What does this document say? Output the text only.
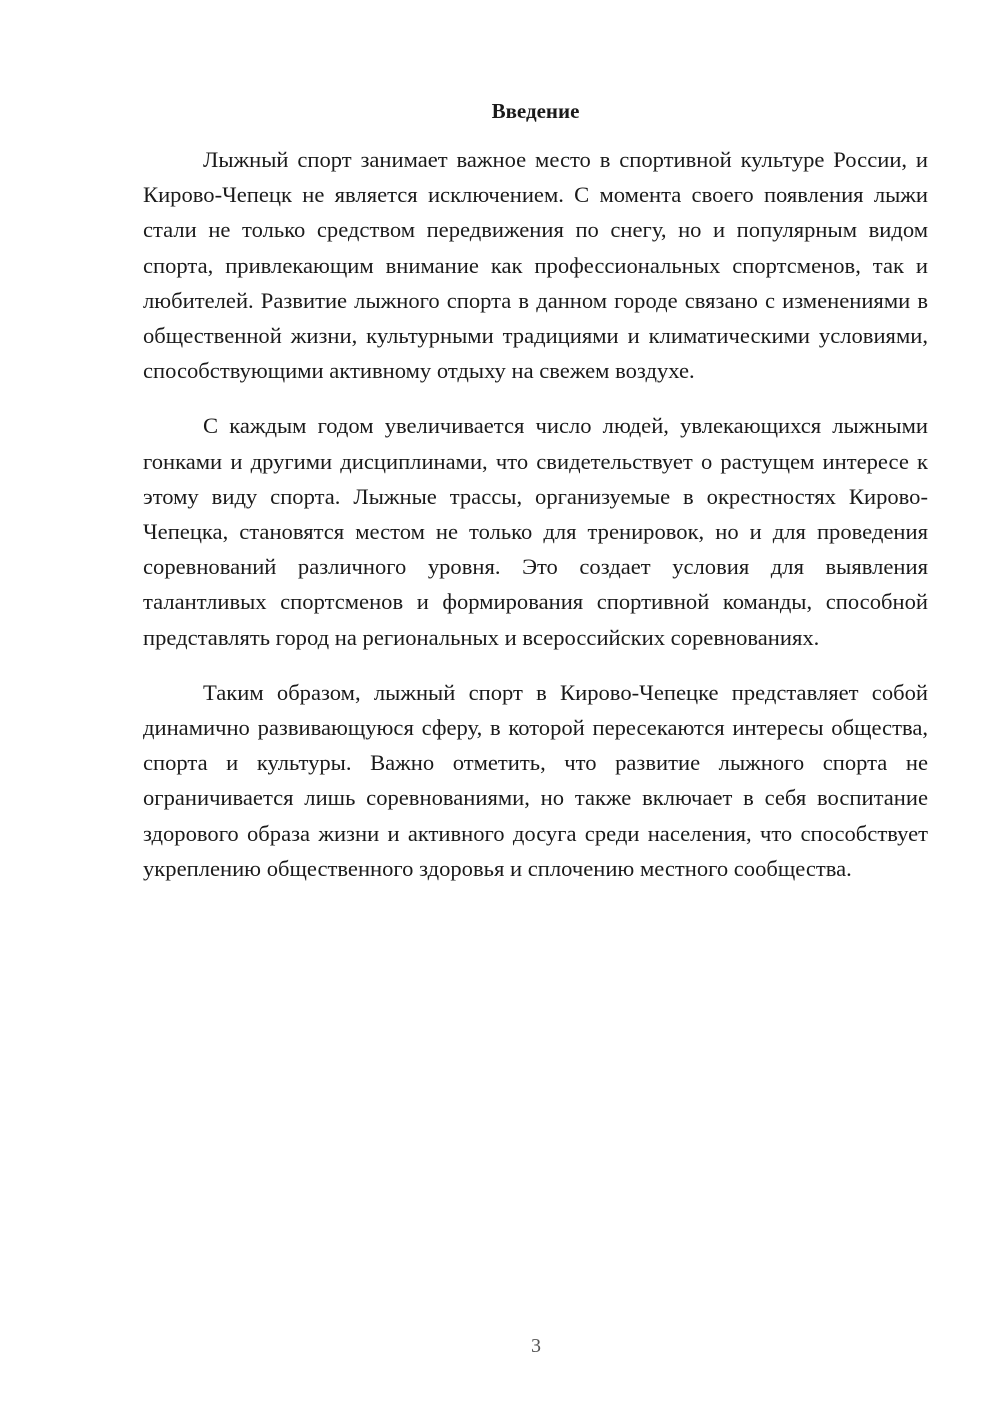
Введение

Лыжный спорт занимает важное место в спортивной культуре России, и Кирово-Чепецк не является исключением. С момента своего появления лыжи стали не только средством передвижения по снегу, но и популярным видом спорта, привлекающим внимание как профессиональных спортсменов, так и любителей. Развитие лыжного спорта в данном городе связано с изменениями в общественной жизни, культурными традициями и климатическими условиями, способствующими активному отдыху на свежем воздухе.

С каждым годом увеличивается число людей, увлекающихся лыжными гонками и другими дисциплинами, что свидетельствует о растущем интересе к этому виду спорта. Лыжные трассы, организуемые в окрестностях Кирово-Чепецка, становятся местом не только для тренировок, но и для проведения соревнований различного уровня. Это создает условия для выявления талантливых спортсменов и формирования спортивной команды, способной представлять город на региональных и всероссийских соревнованиях.

Таким образом, лыжный спорт в Кирово-Чепецке представляет собой динамично развивающуюся сферу, в которой пересекаются интересы общества, спорта и культуры. Важно отметить, что развитие лыжного спорта не ограничивается лишь соревнованиями, но также включает в себя воспитание здорового образа жизни и активного досуга среди населения, что способствует укреплению общественного здоровья и сплочению местного сообщества.

3
